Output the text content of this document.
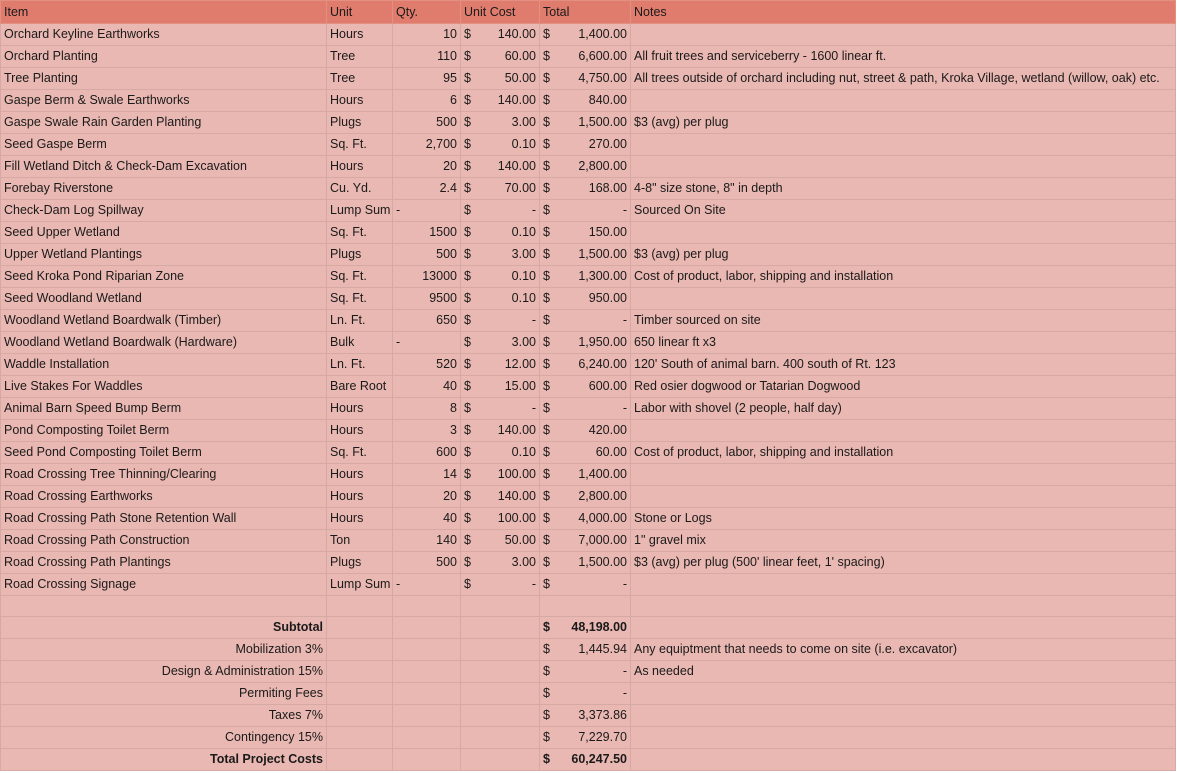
Item	Unit	Qty.	Unit Cost	Total	Notes
Orchard Keyline Earthworks	Hours	10	$ 140.00	$ 1,400.00	

Orchard Planting	Tree	110	$ 60.00	$ 6,600.00	All fruit trees and serviceberry - 1600 linear ft.
Tree Planting	Tree	95	$ 50.00	$ 4,750.00	All trees outside of orchard including nut, street & path, Kroka Village, wetland (willow, oak) etc.
Gaspe Berm & Swale Earthworks	Hours	6	$ 140.00	$ 840.00	

Gaspe Swale Rain Garden Planting	Plugs	500	$ 3.00	$ 1,500.00	$3 (avg) per plug
Seed Gaspe Berm	Sq. Ft.	2,700	$ 0.10	$ 270.00	

Fill Wetland Ditch & Check-Dam Excavation	Hours	20	$ 140.00	$ 2,800.00	

Forebay Riverstone	Cu. Yd.	2.4	$ 70.00	$ 168.00	4-8" size stone, 8" in depth
Check-Dam Log Spillway	Lump Sum	-	$ -	$ -	Sourced On Site
Seed Upper Wetland	Sq. Ft.	1500	$ 0.10	$ 150.00	

Upper Wetland Plantings	Plugs	500	$ 3.00	$ 1,500.00	$3 (avg) per plug
Seed Kroka Pond Riparian Zone	Sq. Ft.	13000	$ 0.10	$ 1,300.00	Cost of product, labor, shipping and installation
Seed Woodland Wetland	Sq. Ft.	9500	$ 0.10	$ 950.00	

Woodland Wetland Boardwalk (Timber)	Ln. Ft.	650	$ -	$ -	Timber sourced on site
Woodland Wetland Boardwalk (Hardware)	Bulk	-	$ 3.00	$ 1,950.00	650 linear ft x3
Waddle Installation	Ln. Ft.	520	$ 12.00	$ 6,240.00	120' South of animal barn. 400 south of Rt. 123
Live Stakes For Waddles	Bare Root	40	$ 15.00	$ 600.00	Red osier dogwood or Tatarian Dogwood
Animal Barn Speed Bump Berm	Hours	8	$ -	$ -	Labor with shovel (2 people, half day)
Pond Composting Toilet Berm	Hours	3	$ 140.00	$ 420.00	

Seed Pond Composting Toilet Berm	Sq. Ft.	600	$ 0.10	$ 60.00	Cost of product, labor, shipping and installation
Road Crossing Tree Thinning/Clearing	Hours	14	$ 100.00	$ 1,400.00	

Road Crossing Earthworks	Hours	20	$ 140.00	$ 2,800.00	

Road Crossing Path Stone Retention Wall	Hours	40	$ 100.00	$ 4,000.00	Stone or Logs
Road Crossing Path Construction	Ton	140	$ 50.00	$ 7,000.00	1" gravel mix
Road Crossing Path Plantings	Plugs	500	$ 3.00	$ 1,500.00	$3 (avg) per plug (500' linear feet, 1' spacing)
Road Crossing Signage	Lump Sum	-	$ -	$ -	

Subtotal				$ 48,198.00	

Mobilization 3%				$ 1,445.94	Any equiptment that needs to come on site (i.e. excavator)
Design & Administration 15%				$ -	As needed
Permiting Fees				$ -	

Taxes 7%				$ 3,373.86	

Contingency 15%				$ 7,229.70	

Total Project Costs				$ 60,247.50	
